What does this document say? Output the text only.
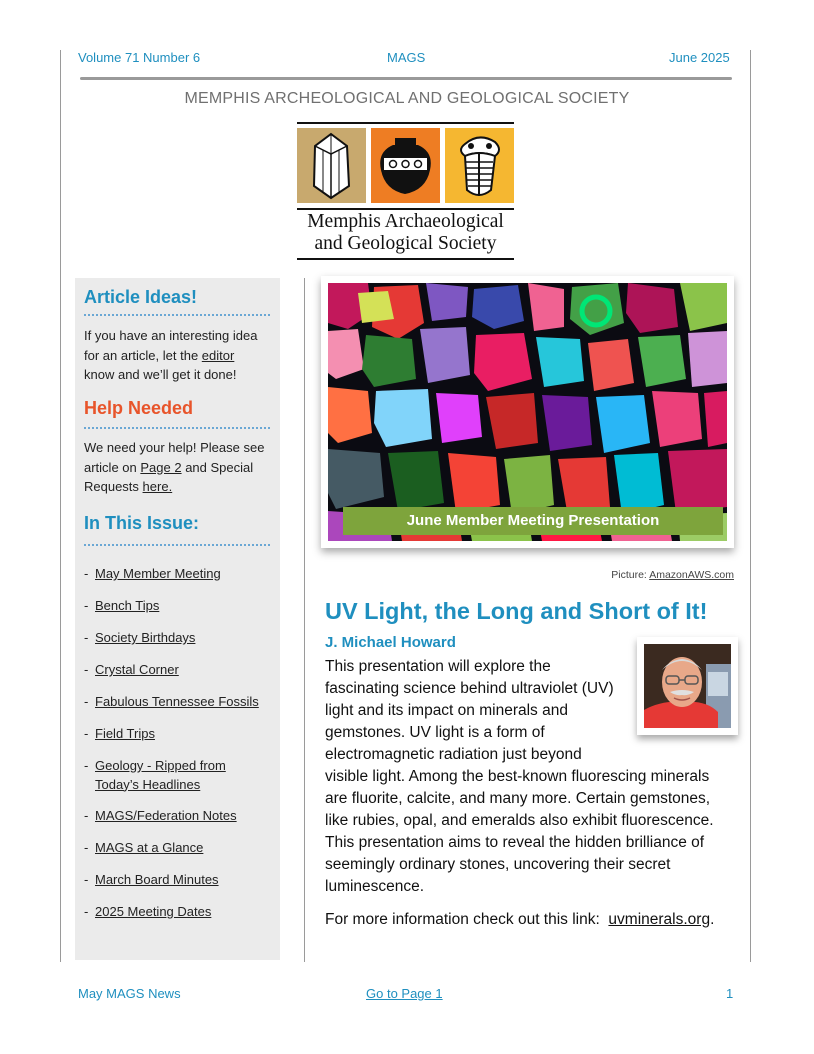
Volume 71 Number 6	MAGS	June 2025
MEMPHIS ARCHEOLOGICAL AND GEOLOGICAL SOCIETY
Memphis Archaeological
and Geological Society
Article Ideas!
If you have an interesting idea
for an article, let the editor
know and we’ll get it done!
Help Needed
We need your help! Please see
article on Page 2 and Special
Requests here.
In This Issue:
- May Member Meeting
- Bench Tips
- Society Birthdays
- Crystal Corner
- Fabulous Tennessee Fossils
- Field Trips
- Geology - Ripped from Today’s Headlines
- MAGS/Federation Notes
- MAGS at a Glance
- March Board Minutes
- 2025 Meeting Dates
June Member Meeting Presentation
Picture: AmazonAWS.com
UV Light, the Long and Short of It!
J. Michael Howard
This presentation will explore the
fascinating science behind ultraviolet (UV)
light and its impact on minerals and
gemstones. UV light is a form of
electromagnetic radiation just beyond
visible light. Among the best-known fluorescing minerals
are fluorite, calcite, and many more. Certain gemstones,
like rubies, opal, and emeralds also exhibit fluorescence.
This presentation aims to reveal the hidden brilliance of
seemingly ordinary stones, uncovering their secret
luminescence.
For more information check out this link:  uvminerals.org.
May MAGS News	Go to Page 1	1
